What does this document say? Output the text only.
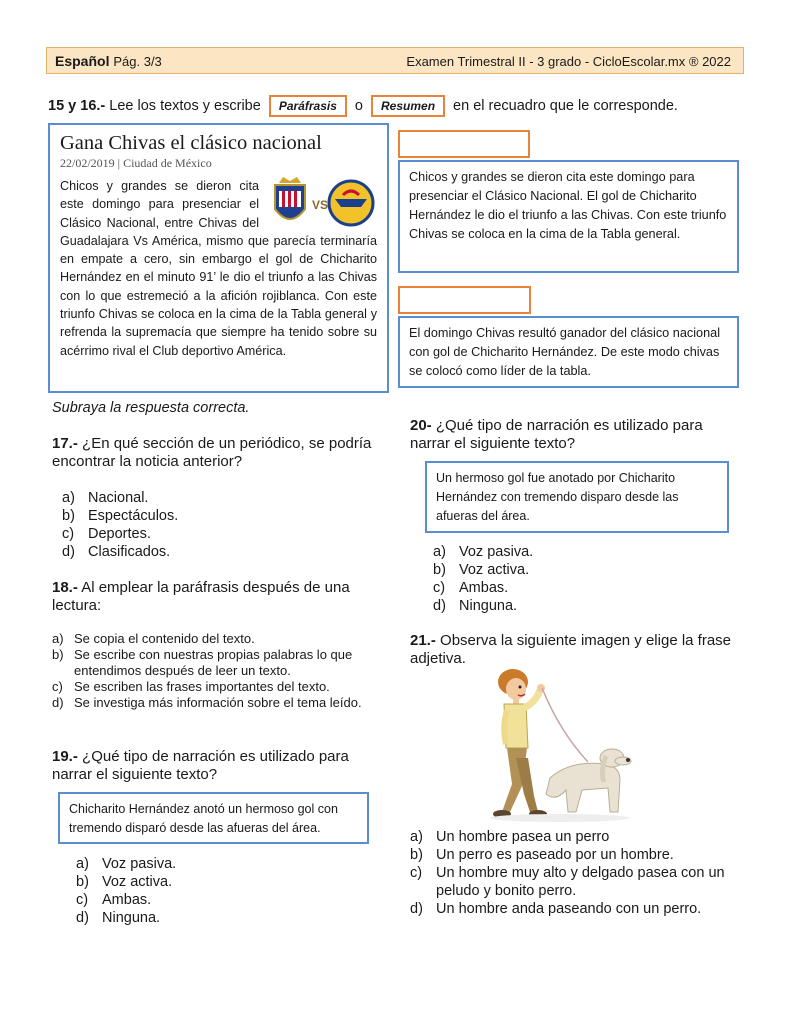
Español Pág. 3/3	Examen Trimestral II - 3 grado - CicloEscolar.mx ® 2022
15 y 16.- Lee los textos y escribe Paráfrasis o Resumen en el recuadro que le corresponde.
Gana Chivas el clásico nacional
22/02/2019 | Ciudad de México
VS
Chicos y grandes se dieron cita este domingo para presenciar el Clásico Nacional, entre Chivas del Guadalajara Vs América, mismo que parecía terminaría en empate a cero, sin embargo el gol de Chicharito Hernández en el minuto 91’ le dio el triunfo a las Chivas con lo que estremeció a la afición rojiblanca. Con este triunfo Chivas se coloca en la cima de la Tabla general y refrenda la supremacía que siempre ha tenido sobre su acérrimo rival el Club deportivo América.
Chicos y grandes se dieron cita este domingo para presenciar el Clásico Nacional. El gol de Chicharito Hernández le dio el triunfo a las Chivas. Con este triunfo Chivas se coloca en la cima de la Tabla general.
El domingo Chivas resultó ganador del clásico nacional con gol de Chicharito Hernández. De este modo chivas se colocó como líder de la tabla.
Subraya la respuesta correcta.
17.- ¿En qué sección de un periódico, se podría encontrar la noticia anterior?
a) Nacional.
b) Espectáculos.
c) Deportes.
d) Clasificados.
18.- Al emplear la paráfrasis después de una lectura:
a) Se copia el contenido del texto.
b) Se escribe con nuestras propias palabras lo que entendimos después de leer un texto.
c) Se escriben las frases importantes del texto.
d) Se investiga más información sobre el tema leído.
19.- ¿Qué tipo de narración es utilizado para narrar el siguiente texto?
Chicharito Hernández anotó un hermoso gol con tremendo disparó desde las afueras del área.
a) Voz pasiva.
b) Voz activa.
c) Ambas.
d) Ninguna.
20- ¿Qué tipo de narración es utilizado para narrar el siguiente texto?
Un hermoso gol fue anotado por Chicharito Hernández con tremendo disparo desde las afueras del área.
a) Voz pasiva.
b) Voz activa.
c) Ambas.
d) Ninguna.
21.- Observa la siguiente imagen y elige la frase adjetiva.
a) Un hombre pasea un perro
b) Un perro es paseado por un hombre.
c) Un hombre muy alto y delgado pasea con un peludo y bonito perro.
d) Un hombre anda paseando con un perro.
